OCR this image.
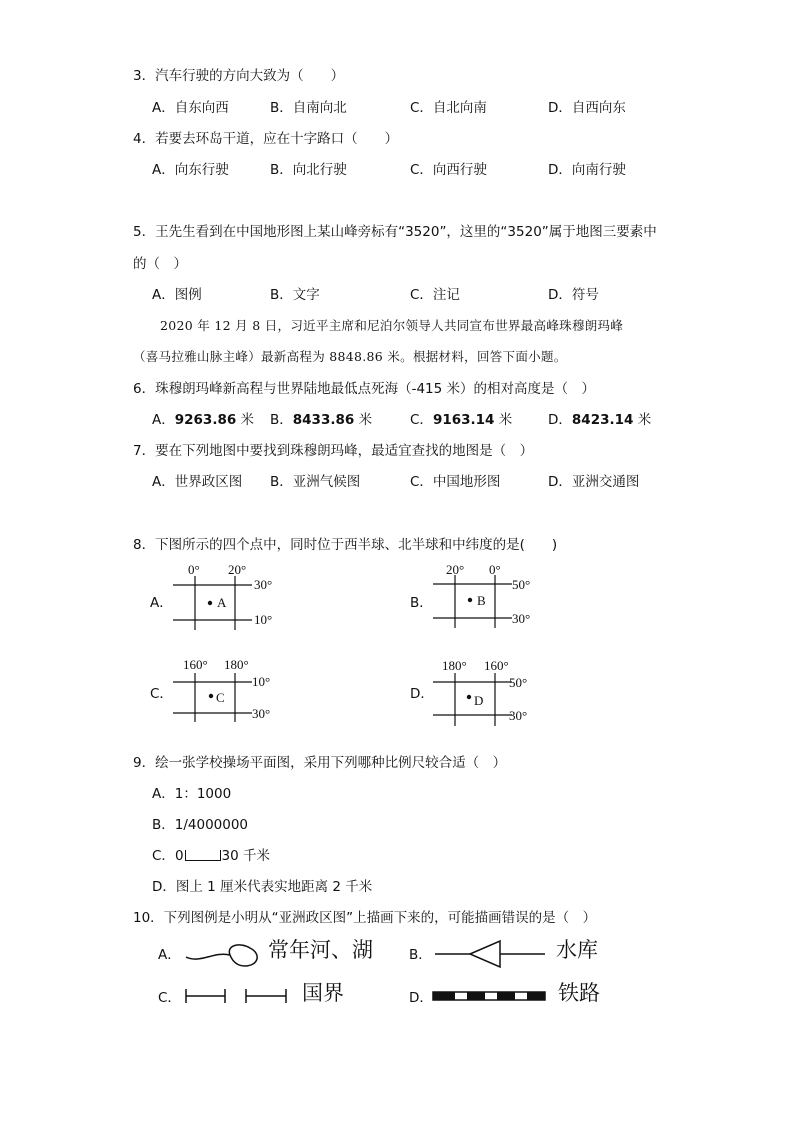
3．汽车行驶的方向大致为（　　）
A．自东向西	B．自南向北	C．自北向南	D．自西向东
4．若要去环岛干道，应在十字路口（　　）
A．向东行驶	B．向北行驶	C．向西行驶	D．向南行驶
5．王先生看到在中国地形图上某山峰旁标有“3520”，这里的“3520”属于地图三要素中
的（　）
A．图例	B．文字	C．注记	D．符号
2020 年 12 月 8 日，习近平主席和尼泊尔领导人共同宣布世界最高峰珠穆朗玛峰
（喜马拉雅山脉主峰）最新高程为 8848.86 米。根据材料，回答下面小题。
6．珠穆朗玛峰新高程与世界陆地最低点死海（-415 米）的相对高度是（　）
A．9263.86 米 B．8433.86 米	C．9163.14 米	D．8423.14 米
7．要在下列地图中要找到珠穆朗玛峰，最适宜查找的地图是（　）
A．世界政区图 B．亚洲气候图	C．中国地形图	D．亚洲交通图
8．下图所示的四个点中，同时位于西半球、北半球和中纬度的是(　　)
A．
0° 20°
30°
10°
A	B．
20° 0°
50°
30°
B
C．
160° 180°
10°
30°
C	D．
180° 160°
50°
30°
D
9．绘一张学校操场平面图，采用下列哪种比例尺较合适（　）
A．1：1000
B．1/4000000
C．0	30 千米
D．图上 1 厘米代表实地距离 2 千米
10．下列图例是小明从“亚洲政区图”上描画下来的，可能描画错误的是（　）
A．	常年河、湖	B．	水库
C．	国界	D．	铁路
